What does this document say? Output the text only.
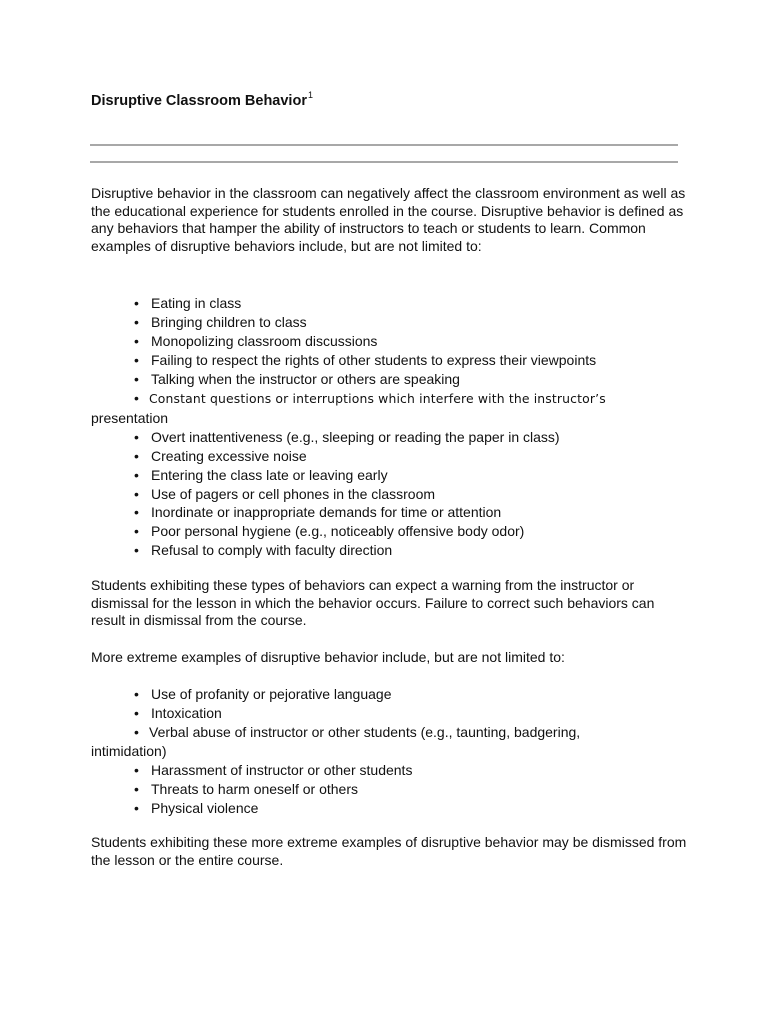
Disruptive Classroom Behavior$^1$

Disruptive behavior in the classroom can negatively affect the classroom environment as well as the educational experience for students enrolled in the course. Disruptive behavior is defined as any behaviors that hamper the ability of instructors to teach or students to learn. Common examples of disruptive behaviors include, but are not limited to:

• Eating in class
• Bringing children to class
• Monopolizing classroom discussions
• Failing to respect the rights of other students to express their viewpoints
• Talking when the instructor or others are speaking
• Constant questions or interruptions which interfere with the instructor’s
presentation
• Overt inattentiveness (e.g., sleeping or reading the paper in class)
• Creating excessive noise
• Entering the class late or leaving early
• Use of pagers or cell phones in the classroom
• Inordinate or inappropriate demands for time or attention
• Poor personal hygiene (e.g., noticeably offensive body odor)
• Refusal to comply with faculty direction

Students exhibiting these types of behaviors can expect a warning from the instructor or dismissal for the lesson in which the behavior occurs. Failure to correct such behaviors can result in dismissal from the course.

More extreme examples of disruptive behavior include, but are not limited to:

• Use of profanity or pejorative language
• Intoxication
• Verbal abuse of instructor or other students (e.g., taunting, badgering,
intimidation)
• Harassment of instructor or other students
• Threats to harm oneself or others
• Physical violence

Students exhibiting these more extreme examples of disruptive behavior may be dismissed from the lesson or the entire course.
